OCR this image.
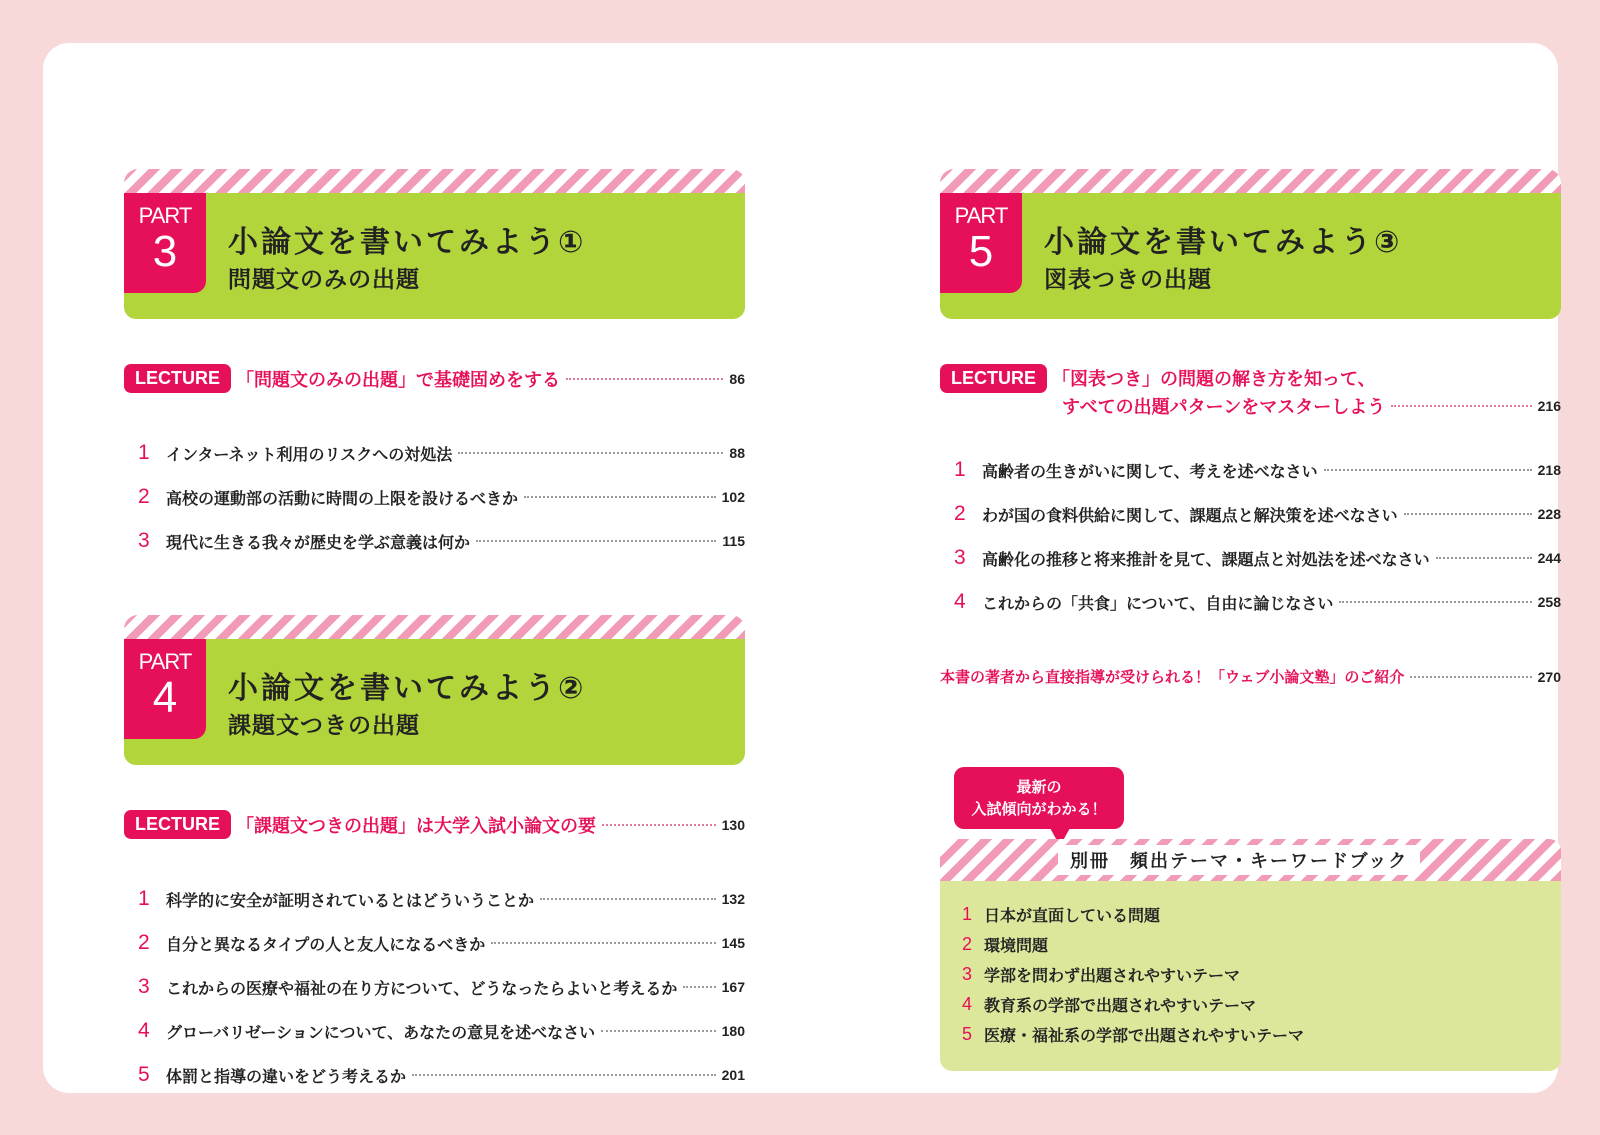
PART
3	小論文を書いてみよう①
問題文のみの出題
LECTURE 「問題文のみの出題」で基礎固めをする	86
1	インターネット利用のリスクへの対処法	88
2	高校の運動部の活動に時間の上限を設けるべきか	102
3	現代に生きる我々が歴史を学ぶ意義は何か	115
PART
4	小論文を書いてみよう②
課題文つきの出題
LECTURE 「課題文つきの出題」は大学入試小論文の要	130
1	科学的に安全が証明されているとはどういうことか	132
2	自分と異なるタイプの人と友人になるべきか	145
3	これからの医療や福祉の在り方について、どうなったらよいと考えるか	167
4	グローバリゼーションについて、あなたの意見を述べなさい	180
5	体罰と指導の違いをどう考えるか	201
PART
5	小論文を書いてみよう③
図表つきの出題
LECTURE 「図表つき」の問題の解き方を知って、
すべての出題パターンをマスターしよう	216
1	高齢者の生きがいに関して、考えを述べなさい	218
2	わが国の食料供給に関して、課題点と解決策を述べなさい	228
3	高齢化の推移と将来推計を見て、課題点と対処法を述べなさい	244
4	これからの「共食」について、自由に論じなさい	258
本書の著者から直接指導が受けられる！「ウェブ小論文塾」のご紹介	270
最新の
入試傾向がわかる！
別冊　頻出テーマ・キーワードブック
1 日本が直面している問題
2 環境問題
3 学部を問わず出題されやすいテーマ
4 教育系の学部で出題されやすいテーマ
5 医療・福祉系の学部で出題されやすいテーマ
